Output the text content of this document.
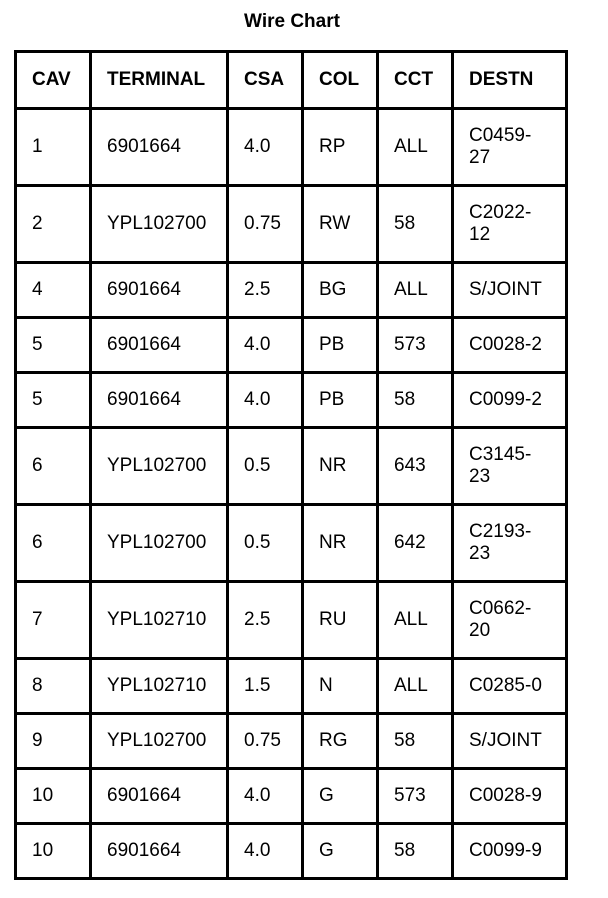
Wire Chart
CAV	TERMINAL	CSA	COL	CCT	DESTN
1	6901664	4.0	RP	ALL	C0459-
27
2	YPL102700	0.75	RW	58	C2022-
12
4	6901664	2.5	BG	ALL	S/JOINT
5	6901664	4.0	PB	573	C0028-2
5	6901664	4.0	PB	58	C0099-2
6	YPL102700	0.5	NR	643	C3145-
23
6	YPL102700	0.5	NR	642	C2193-
23
7	YPL102710	2.5	RU	ALL	C0662-
20
8	YPL102710	1.5	N	ALL	C0285-0
9	YPL102700	0.75	RG	58	S/JOINT
10	6901664	4.0	G	573	C0028-9
10	6901664	4.0	G	58	C0099-9
